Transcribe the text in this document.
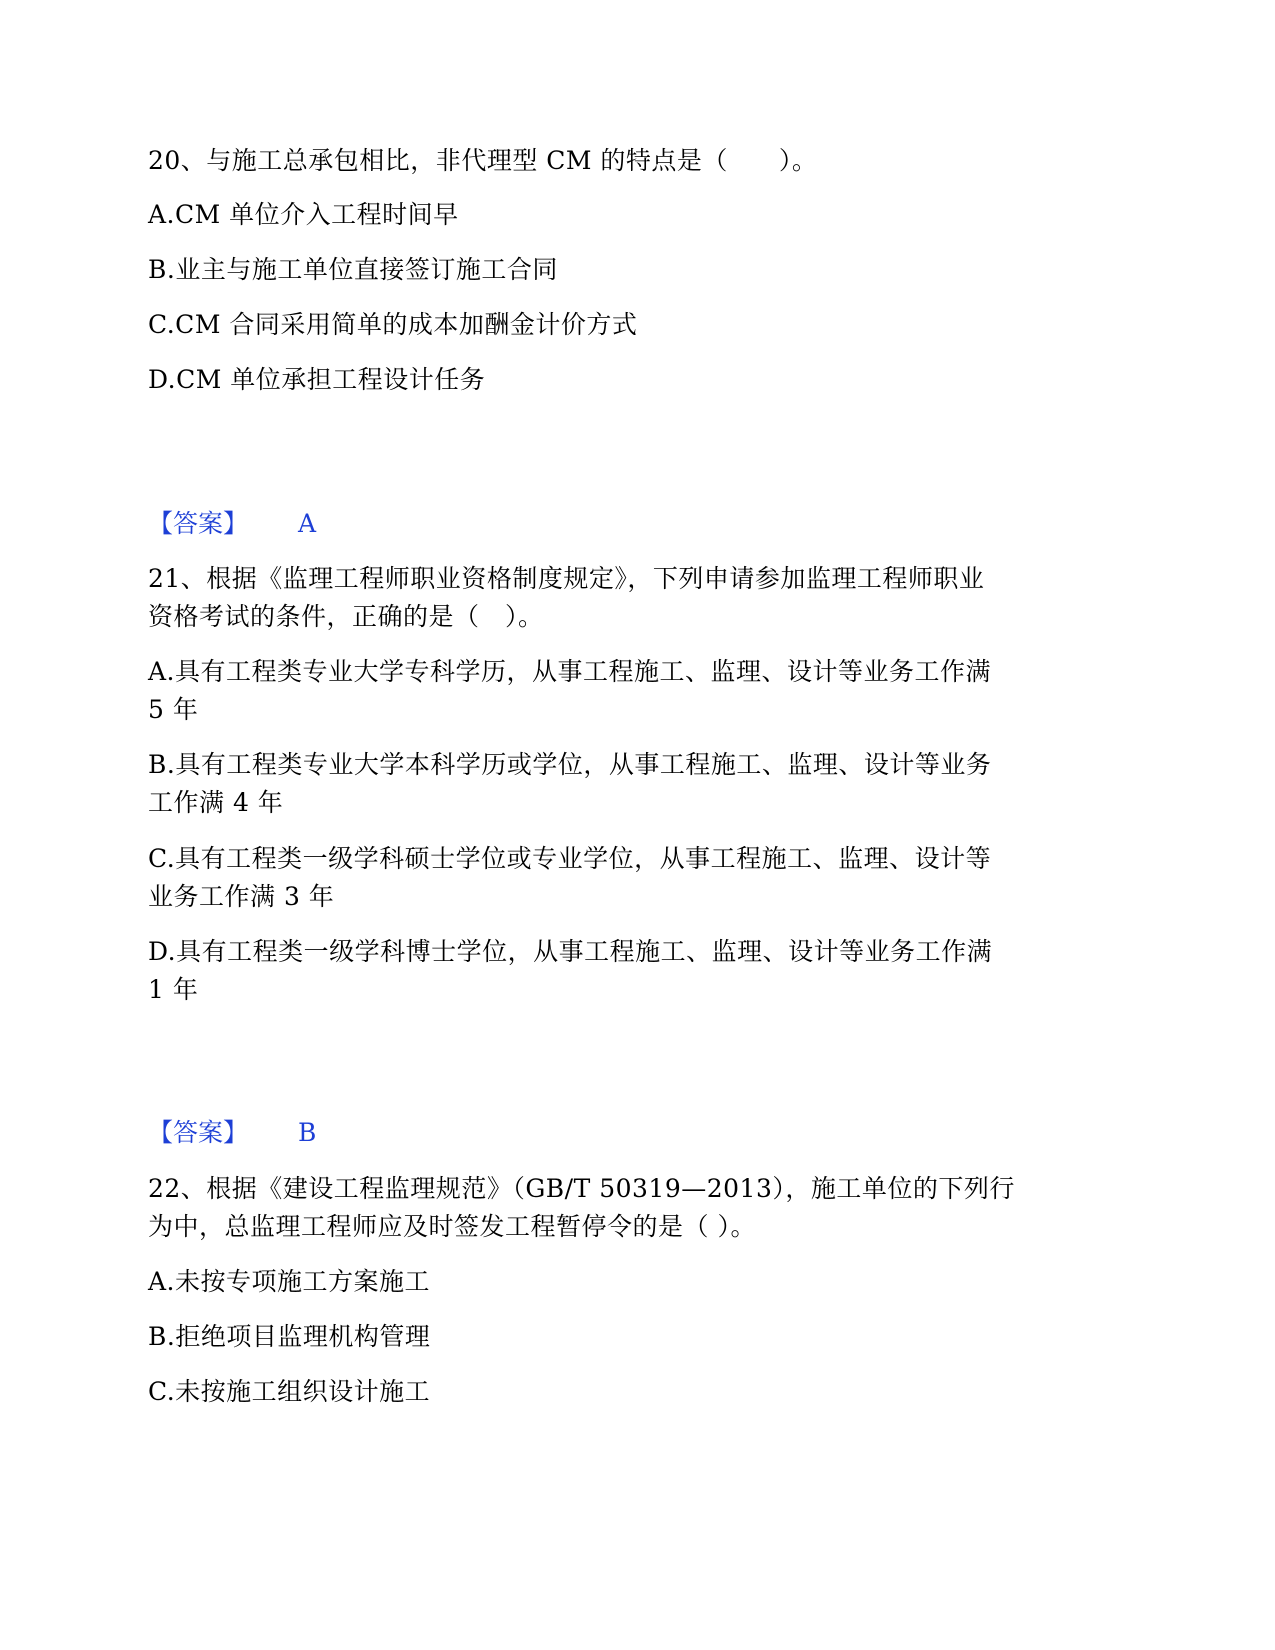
20、与施工总承包相比，非代理型 CM 的特点是（　　）。
A.CM 单位介入工程时间早
B.业主与施工单位直接签订施工合同
C.CM 合同采用简单的成本加酬金计价方式
D.CM 单位承担工程设计任务
【答案】 A
21、根据《监理工程师职业资格制度规定》，下列申请参加监理工程师职业
资格考试的条件，正确的是（　）。
A.具有工程类专业大学专科学历，从事工程施工、监理、设计等业务工作满
5 年
B.具有工程类专业大学本科学历或学位，从事工程施工、监理、设计等业务
工作满 4 年
C.具有工程类一级学科硕士学位或专业学位，从事工程施工、监理、设计等
业务工作满 3 年
D.具有工程类一级学科博士学位，从事工程施工、监理、设计等业务工作满
1 年
【答案】 B
22、根据《建设工程监理规范》（GB/T 50319—2013），施工单位的下列行
为中，总监理工程师应及时签发工程暂停令的是（ ）。
A.未按专项施工方案施工
B.拒绝项目监理机构管理
C.未按施工组织设计施工
